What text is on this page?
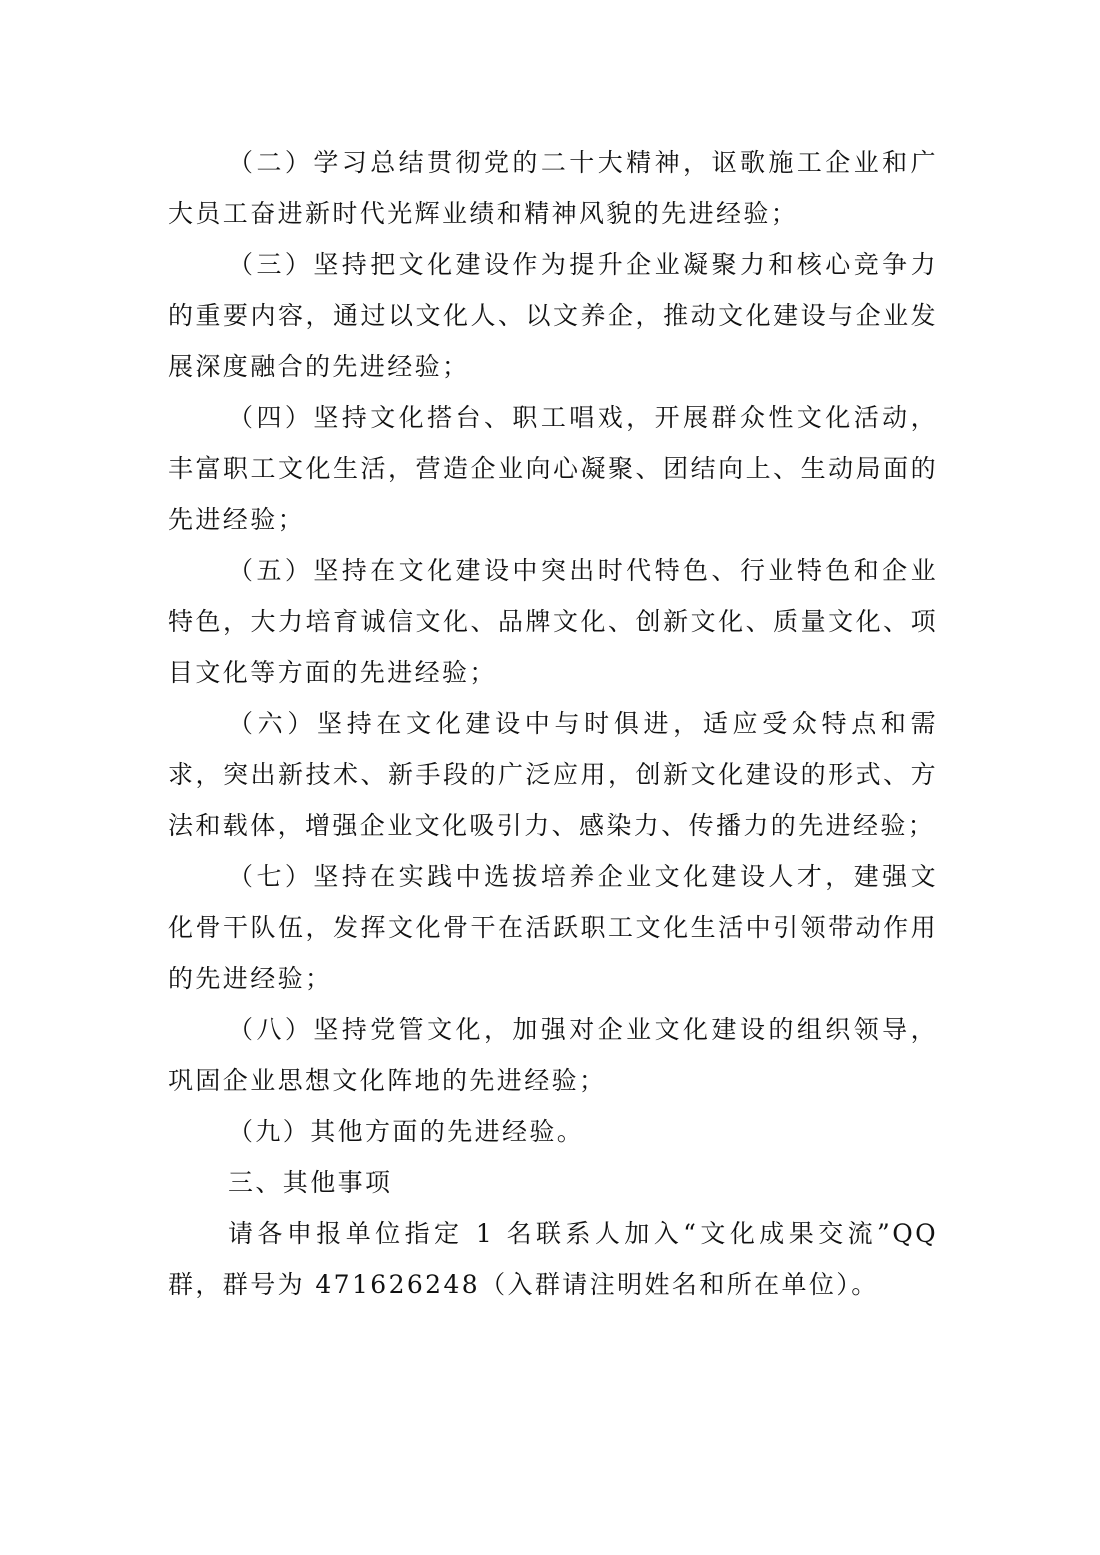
（二）学习总结贯彻党的二十大精神，讴歌施工企业和广大员工奋进新时代光辉业绩和精神风貌的先进经验；

（三）坚持把文化建设作为提升企业凝聚力和核心竞争力的重要内容，通过以文化人、以文养企，推动文化建设与企业发展深度融合的先进经验；

（四）坚持文化搭台、职工唱戏，开展群众性文化活动，丰富职工文化生活，营造企业向心凝聚、团结向上、生动局面的先进经验；

（五）坚持在文化建设中突出时代特色、行业特色和企业特色，大力培育诚信文化、品牌文化、创新文化、质量文化、项目文化等方面的先进经验；

（六）坚持在文化建设中与时俱进，适应受众特点和需求，突出新技术、新手段的广泛应用，创新文化建设的形式、方法和载体，增强企业文化吸引力、感染力、传播力的先进经验；

（七）坚持在实践中选拔培养企业文化建设人才，建强文化骨干队伍，发挥文化骨干在活跃职工文化生活中引领带动作用的先进经验；

（八）坚持党管文化，加强对企业文化建设的组织领导，巩固企业思想文化阵地的先进经验；

（九）其他方面的先进经验。

三、其他事项

请各申报单位指定 1 名联系人加入“文化成果交流”QQ 群，群号为 471626248（入群请注明姓名和所在单位）。
